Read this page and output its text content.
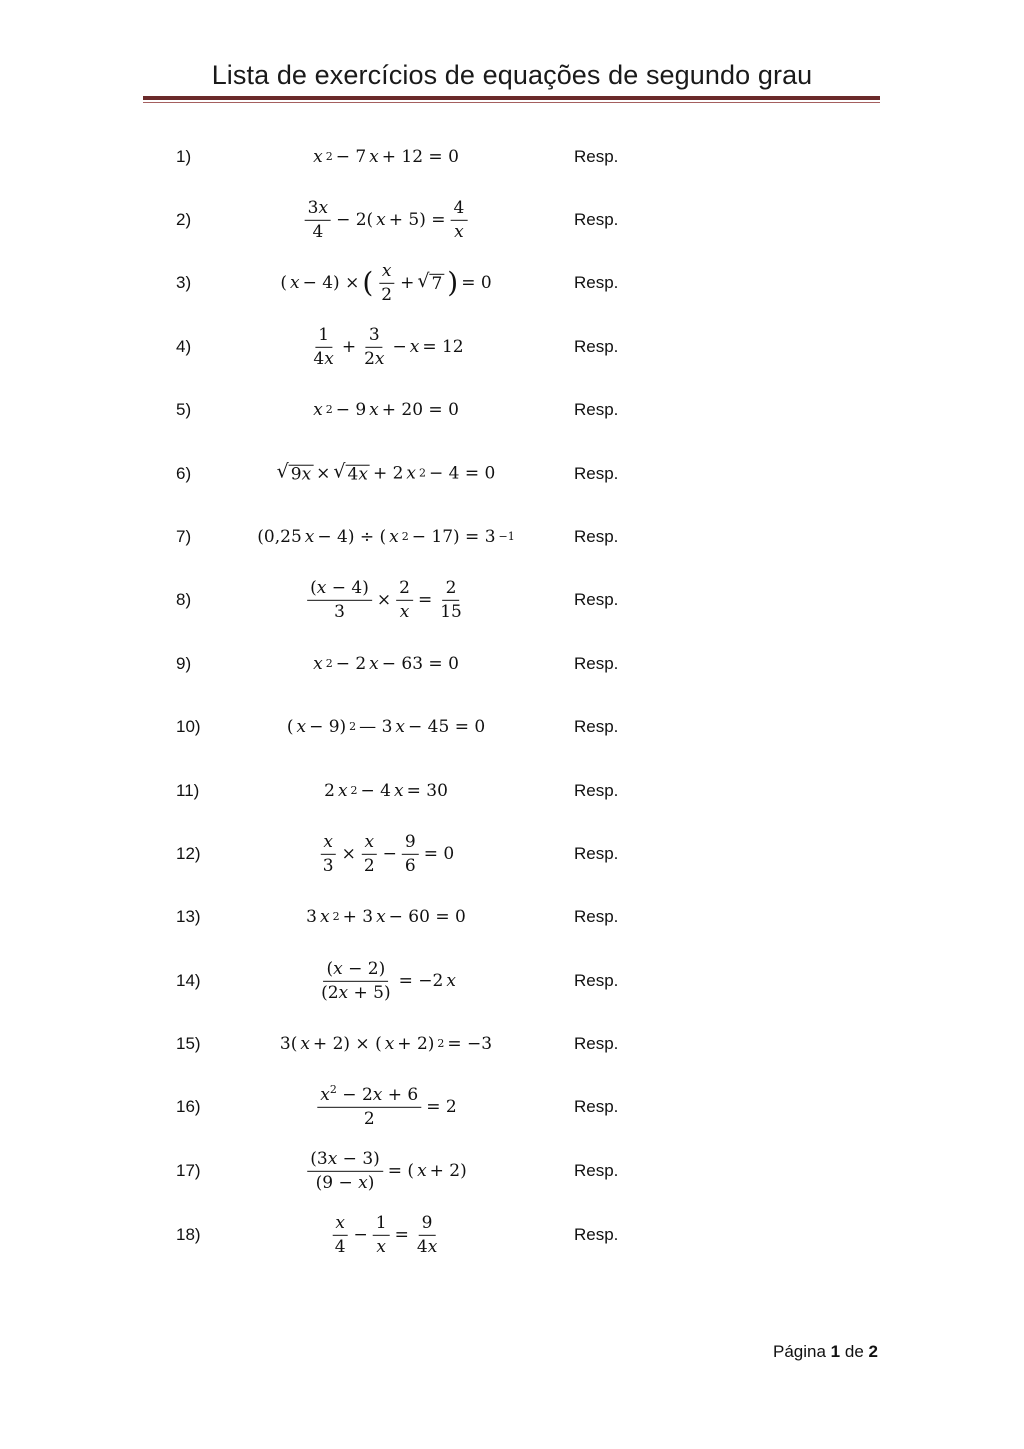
Lista de exercícios de equações de segundo grau
1)	x 2 − 7 x + 12 = 0	Resp.
2)	$\frac{3x}{4} - 2$( $x + 5) = \frac{4}{x}$	Resp.
3)	( x − 4) × ( $\frac{x}{2}$ + √ 7 ) = 0	Resp.
4)	$\frac{1}{4x} + \frac{3}{2x} - x = 12$	Resp.
5)	x 2 − 9 x + 20 = 0	Resp.
6)	√ 9x × √ 4x + 2 x 2 − 4 = 0	Resp.
7)	(0,25 x − 4) ÷ ( x 2 − 17) = 3 −1	Resp.
8)	$\frac{(x - 4)}{3} \times \frac{2}{x} = \frac{2}{15}$	Resp.
9)	x 2 − 2 x − 63 = 0	Resp.
10)	( x − 9) 2 — 3 x − 45 = 0	Resp.
11)	2 x 2 − 4 x = 30	Resp.
12)	$\frac{x}{3} \times \frac{x}{2} - \frac{9}{6} = 0$	Resp.
13)	3 x 2 + 3 x − 60 = 0	Resp.
14)	$\frac{(x - 2)}{(2x + 5)} = -2$ x	Resp.
15)	3( x + 2) × ( x + 2) 2 = −3	Resp.
16)	$\frac{x^2 - 2x + 6}{2} = 2$	Resp.
17)	$\frac{(3x - 3)}{(9 - x)}$ = ( x + 2)	Resp.
18)	$\frac{x}{4} - \frac{1}{x} = \frac{9}{4x}$	Resp.
Página 1 de 2
